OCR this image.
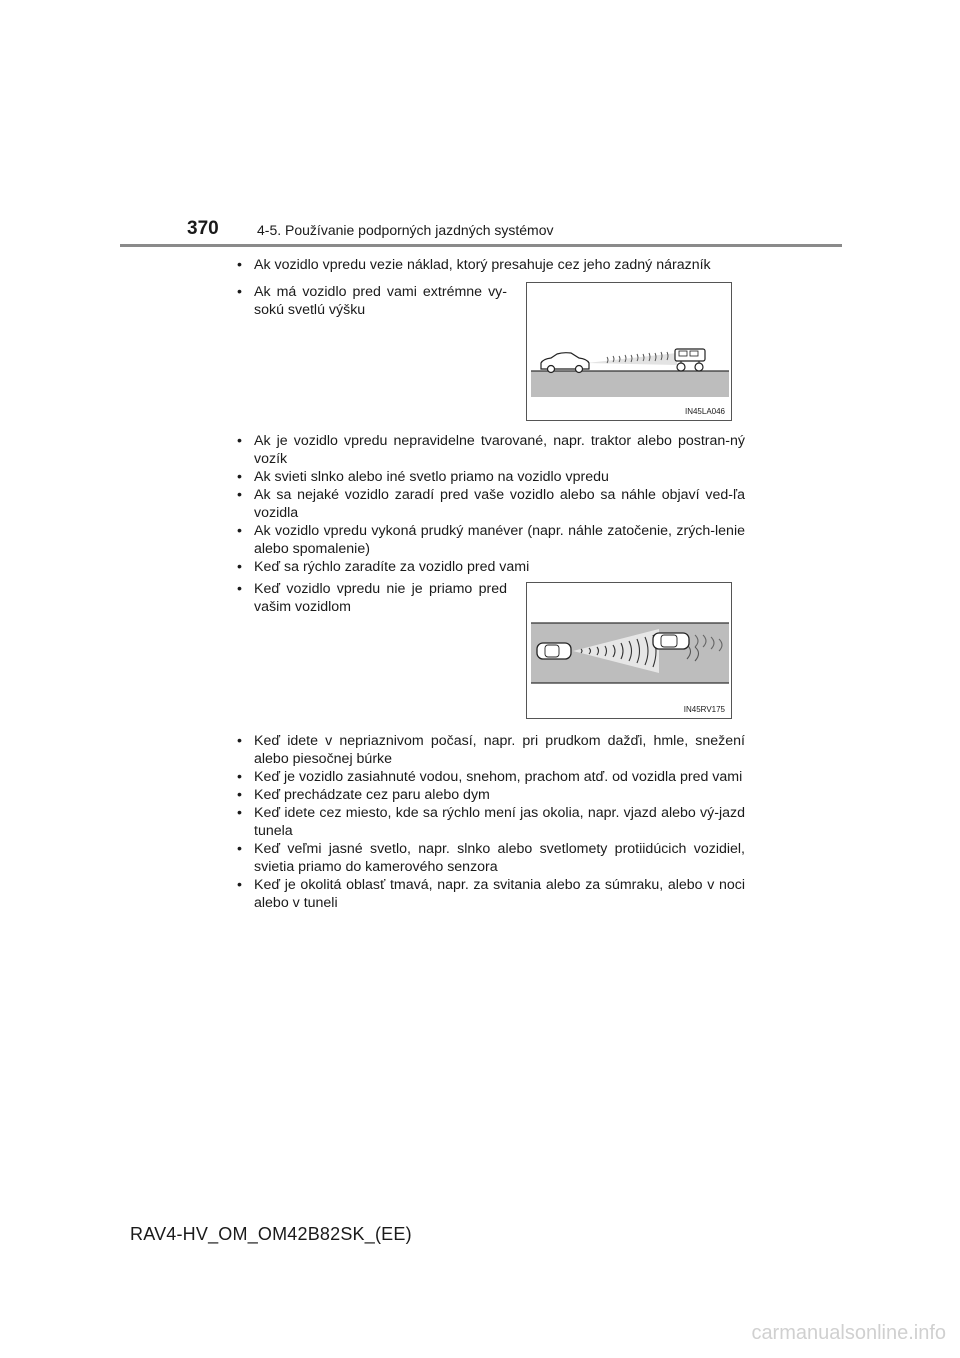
370	4-5. Používanie podporných jazdných systémov
• Ak vozidlo vpredu vezie náklad, ktorý presahuje cez jeho zadný nárazník
• Ak má vozidlo pred vami extrémne vy-sokú svetlú výšku
IN45LA046
• Ak je vozidlo vpredu nepravidelne tvarované, napr. traktor alebo postran-ný vozík
• Ak svieti slnko alebo iné svetlo priamo na vozidlo vpredu
• Ak sa nejaké vozidlo zaradí pred vaše vozidlo alebo sa náhle objaví ved-ľa vozidla
• Ak vozidlo vpredu vykoná prudký manéver (napr. náhle zatočenie, zrých-lenie alebo spomalenie)
• Keď sa rýchlo zaradíte za vozidlo pred vami
• Keď vozidlo vpredu nie je priamo pred vašim vozidlom
IN45RV175
• Keď idete v nepriaznivom počasí, napr. pri prudkom dažďi, hmle, snežení alebo piesočnej búrke
• Keď je vozidlo zasiahnuté vodou, snehom, prachom atď. od vozidla pred vami
• Keď prechádzate cez paru alebo dym
• Keď idete cez miesto, kde sa rýchlo mení jas okolia, napr. vjazd alebo vý-jazd tunela
• Keď veľmi jasné svetlo, napr. slnko alebo svetlomety protiidúcich vozidiel, svietia priamo do kamerového senzora
• Keď je okolitá oblasť tmavá, napr. za svitania alebo za súmraku, alebo v noci alebo v tuneli
RAV4-HV_OM_OM42B82SK_(EE)
carmanualsonline.info
